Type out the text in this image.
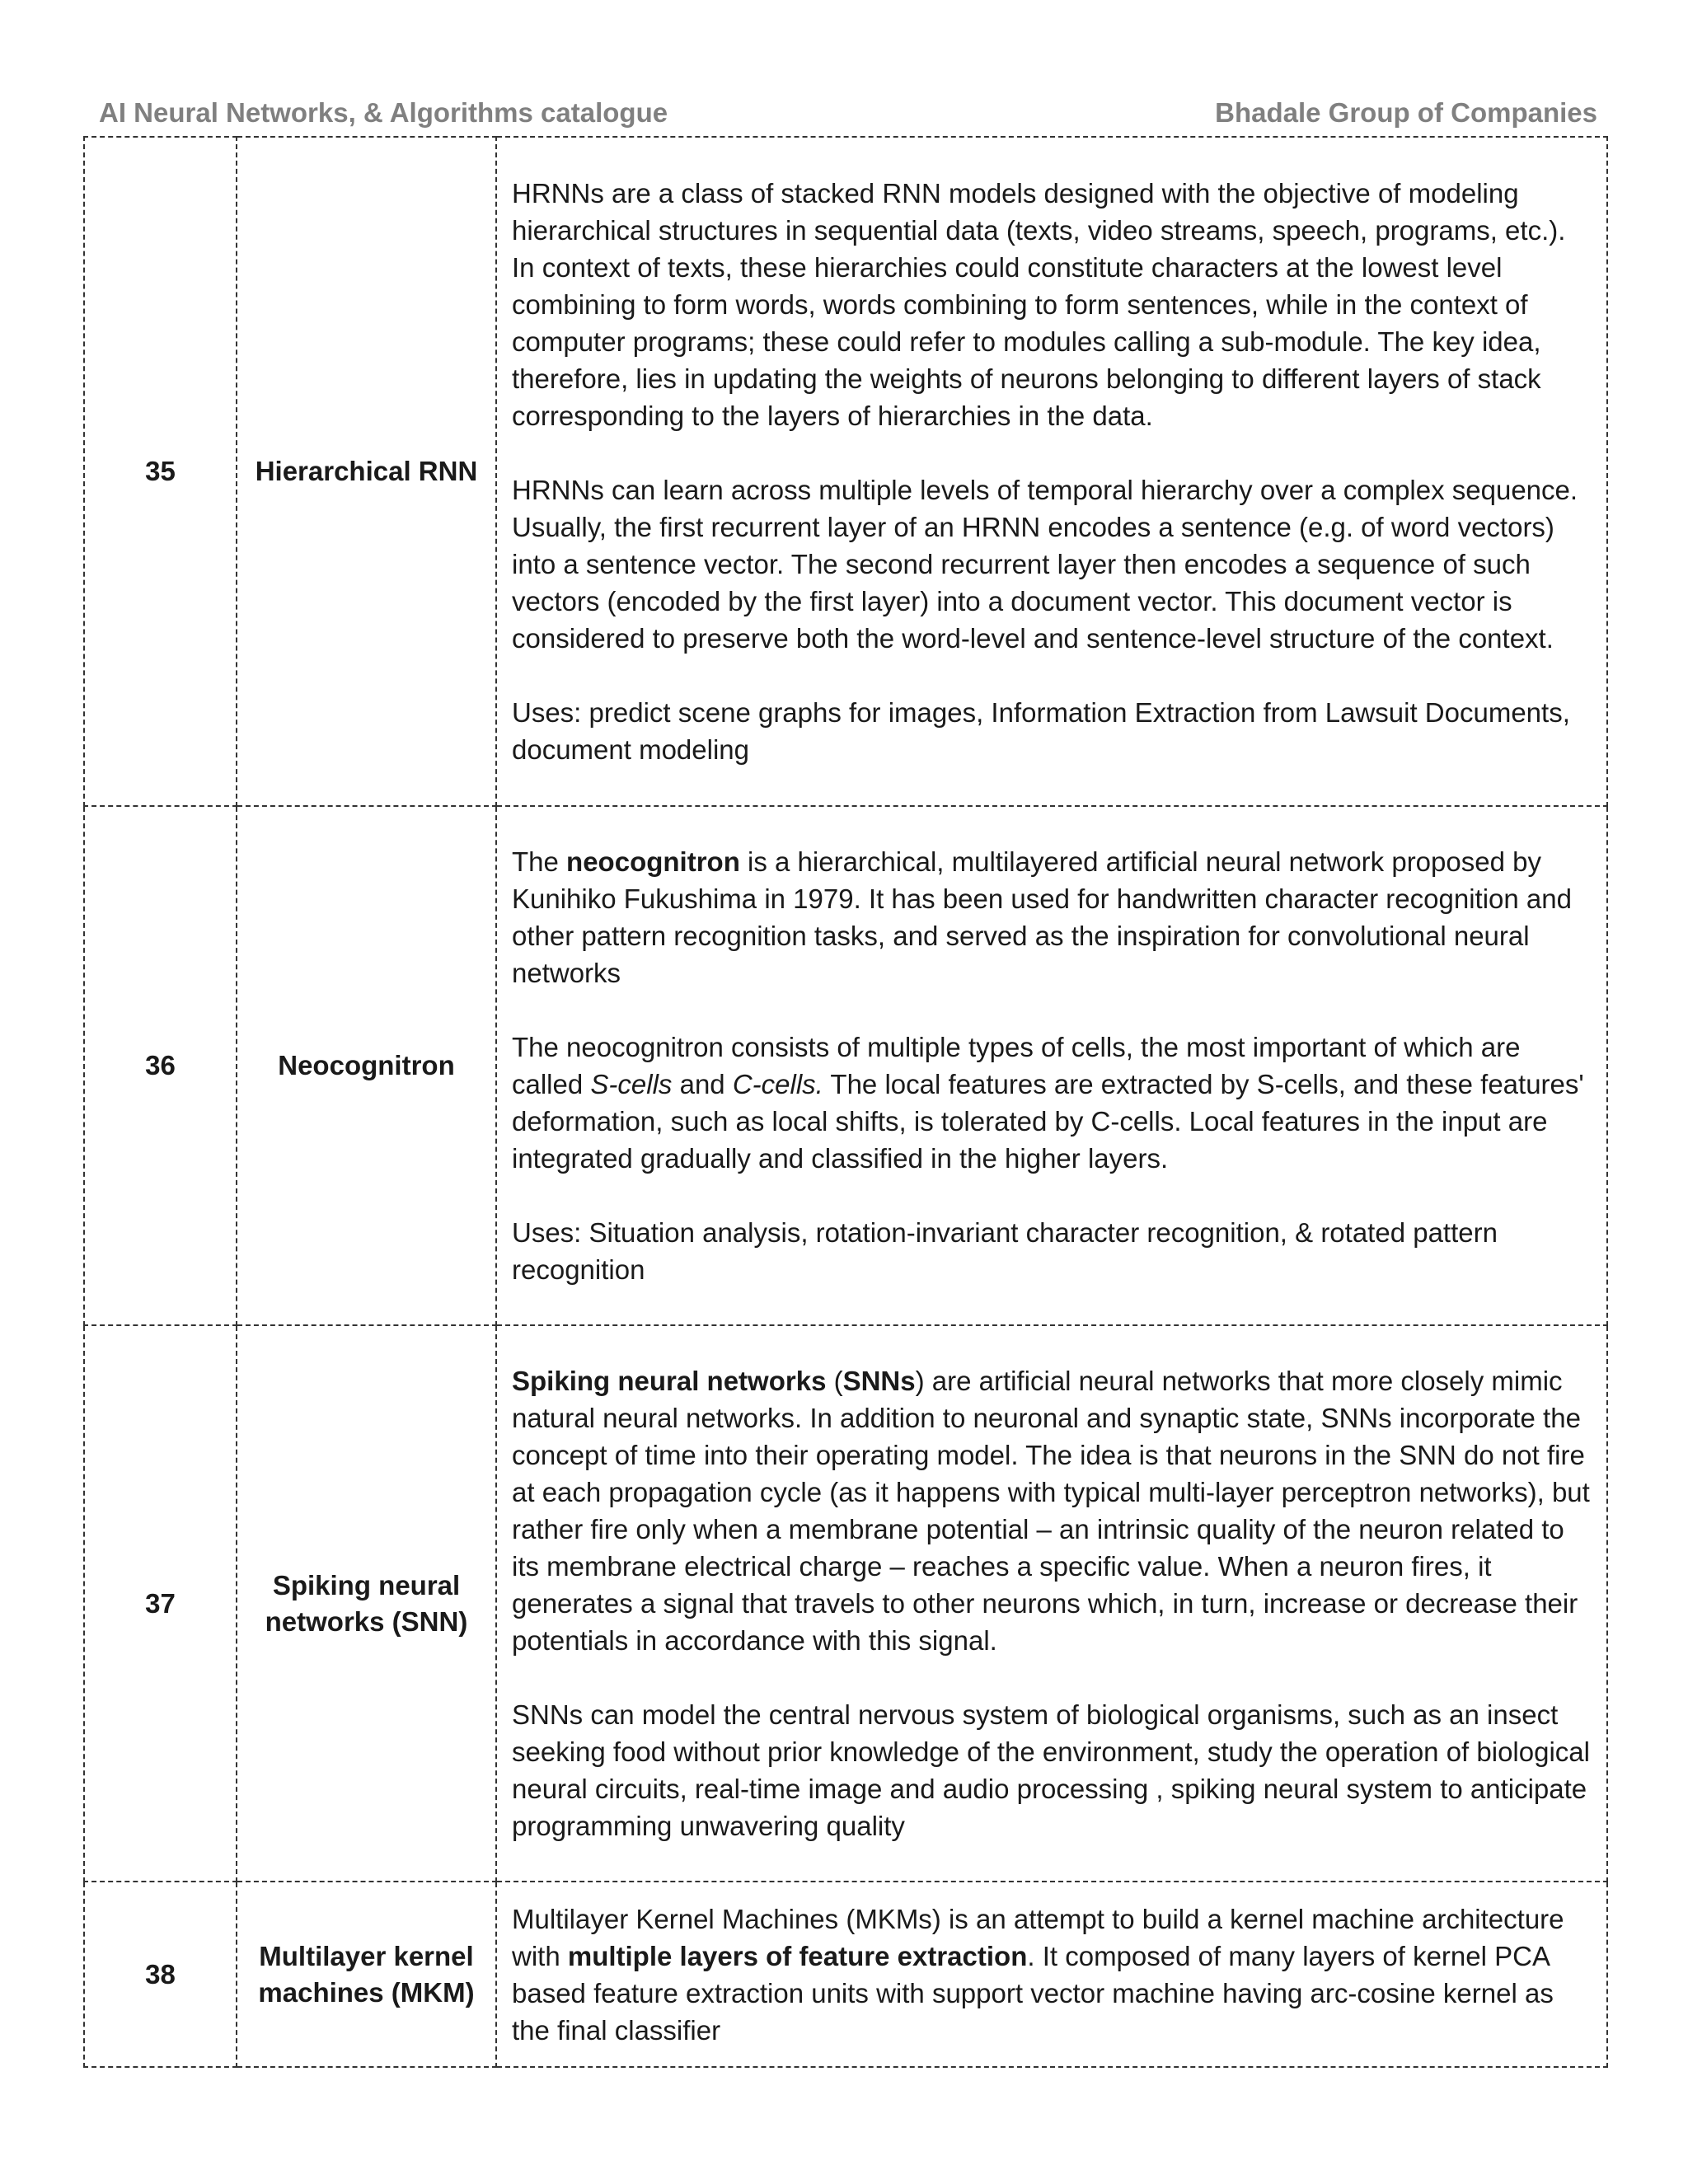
AI Neural Networks, & Algorithms catalogue	Bhadale Group of Companies
35	Hierarchical RNN	HRNNs are a class of stacked RNN models designed with the objective of modeling hierarchical structures in sequential data (texts, video streams, speech, programs, etc.). In context of texts, these hierarchies could constitute characters at the lowest level combining to form words, words combining to form sentences, while in the context of computer programs; these could refer to modules calling a sub-module. The key idea, therefore, lies in updating the weights of neurons belonging to different layers of stack corresponding to the layers of hierarchies in the data.

HRNNs can learn across multiple levels of temporal hierarchy over a complex sequence. Usually, the first recurrent layer of an HRNN encodes a sentence (e.g. of word vectors) into a sentence vector. The second recurrent layer then encodes a sequence of such vectors (encoded by the first layer) into a document vector. This document vector is considered to preserve both the word-level and sentence-level structure of the context.

Uses: predict scene graphs for images, Information Extraction from Lawsuit Documents, document modeling

36	Neocognitron	The neocognitron is a hierarchical, multilayered artificial neural network proposed by Kunihiko Fukushima in 1979. It has been used for handwritten character recognition and other pattern recognition tasks, and served as the inspiration for convolutional neural networks

The neocognitron consists of multiple types of cells, the most important of which are called S-cells and C-cells. The local features are extracted by S-cells, and these features' deformation, such as local shifts, is tolerated by C-cells. Local features in the input are integrated gradually and classified in the higher layers.

Uses: Situation analysis, rotation-invariant character recognition, & rotated pattern recognition

37	Spiking neural networks (SNN)	Spiking neural networks (SNNs) are artificial neural networks that more closely mimic natural neural networks. In addition to neuronal and synaptic state, SNNs incorporate the concept of time into their operating model. The idea is that neurons in the SNN do not fire at each propagation cycle (as it happens with typical multi-layer perceptron networks), but rather fire only when a membrane potential – an intrinsic quality of the neuron related to its membrane electrical charge – reaches a specific value. When a neuron fires, it generates a signal that travels to other neurons which, in turn, increase or decrease their potentials in accordance with this signal.

SNNs can model the central nervous system of biological organisms, such as an insect seeking food without prior knowledge of the environment, study the operation of biological neural circuits, real-time image and audio processing , spiking neural system to anticipate programming unwavering quality

38	Multilayer kernel machines (MKM)	Multilayer Kernel Machines (MKMs) is an attempt to build a kernel machine architecture with multiple layers of feature extraction. It composed of many layers of kernel PCA based feature extraction units with support vector machine having arc-cosine kernel as the final classifier
